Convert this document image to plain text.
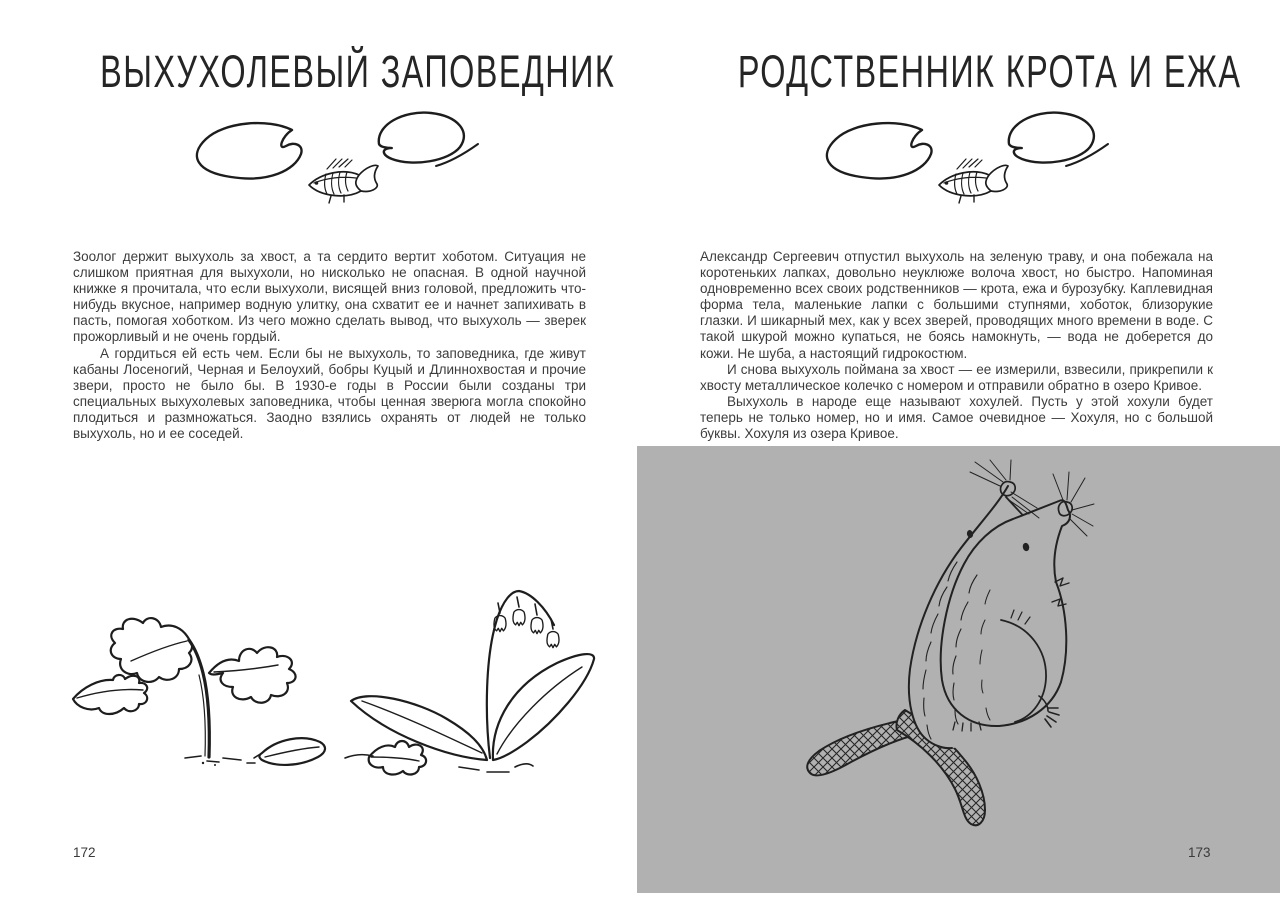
ВЫХУХОЛЕВЫЙ ЗАПОВЕДНИК	РОДСТВЕННИК КРОТА И ЕЖА

Зоолог держит выхухоль за хвост, а та сердито вертит хоботом. Ситуация не слишком приятная для выхухоли, но нисколько не опасная. В одной научной книжке я прочитала, что если выхухоли, висящей вниз головой, предложить что-нибудь вкусное, например водную улитку, она схватит ее и начнет запихивать в пасть, помогая хоботком. Из чего можно сделать вывод, что выхухоль — зверек прожорливый и не очень гордый.

А гордиться ей есть чем. Если бы не выхухоль, то заповедника, где живут кабаны Лосеногий, Черная и Белоухий, бобры Куцый и Длиннохвостая и прочие звери, просто не было бы. В 1930-е годы в России были созданы три специальных выхухолевых заповедника, чтобы ценная зверюга могла спокойно плодиться и размножаться. Заодно взялись охранять от людей не только выхухоль, но и ее соседей.

Александр Сергеевич отпустил выхухоль на зеленую траву, и она побежала на коротеньких лапках, довольно неуклюже волоча хвост, но быстро. Напоминая одновременно всех своих родственников — крота, ежа и бурозубку. Каплевидная форма тела, маленькие лапки с большими ступнями, хоботок, близорукие глазки. И шикарный мех, как у всех зверей, проводящих много времени в воде. С такой шкурой можно купаться, не боясь намокнуть, — вода не доберется до кожи. Не шуба, а настоящий гидрокостюм.

И снова выхухоль поймана за хвост — ее измерили, взвесили, прикрепили к хвосту металлическое колечко с номером и отправили обратно в озеро Кривое.

Выхухоль в народе еще называют хохулей. Пусть у этой хохули будет теперь не только номер, но и имя. Самое очевидное — Хохуля, но с большой буквы. Хохуля из озера Кривое.

172	173
